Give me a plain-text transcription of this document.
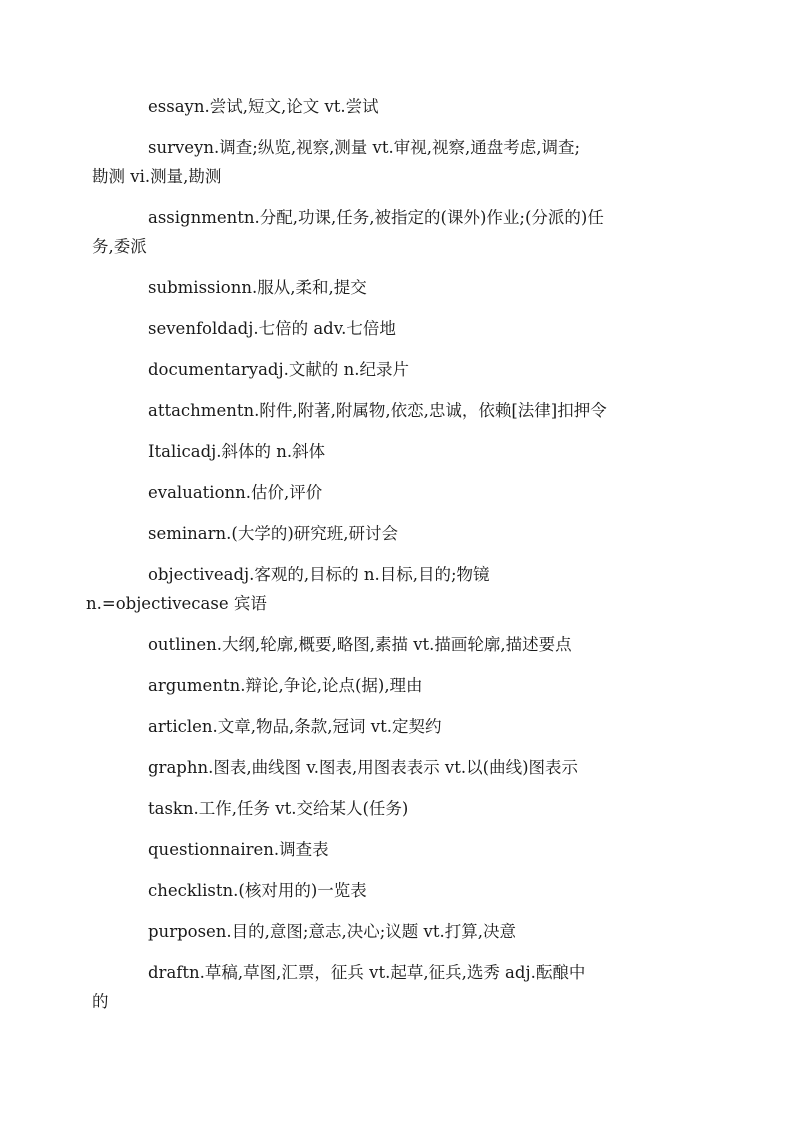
essayn.尝试,短文,论文 vt.尝试

surveyn.调查;纵览,视察,测量 vt.审视,视察,通盘考虑,调查;
勘测 vi.测量,勘测

assignmentn.分配,功课,任务,被指定的(课外)作业;(分派的)任
务,委派

submissionn.服从,柔和,提交

sevenfoldadj.七倍的 adv.七倍地

documentaryadj.文献的 n.纪录片

attachmentn.附件,附著,附属物,依恋,忠诚，依赖[法律]扣押令

Italicadj.斜体的 n.斜体

evaluationn.估价,评价

seminarn.(大学的)研究班,研讨会

objectiveadj.客观的,目标的 n.目标,目的;物镜
n.=objectivecase 宾语

outlinen.大纲,轮廓,概要,略图,素描 vt.描画轮廓,描述要点

argumentn.辩论,争论,论点(据),理由

articlen.文章,物品,条款,冠词 vt.定契约

graphn.图表,曲线图 v.图表,用图表表示 vt.以(曲线)图表示

taskn.工作,任务 vt.交给某人(任务)

questionnairen.调查表

checklistn.(核对用的)一览表

purposen.目的,意图;意志,决心;议题 vt.打算,决意

draftn.草稿,草图,汇票，征兵 vt.起草,征兵,选秀 adj.酝酿中
的
